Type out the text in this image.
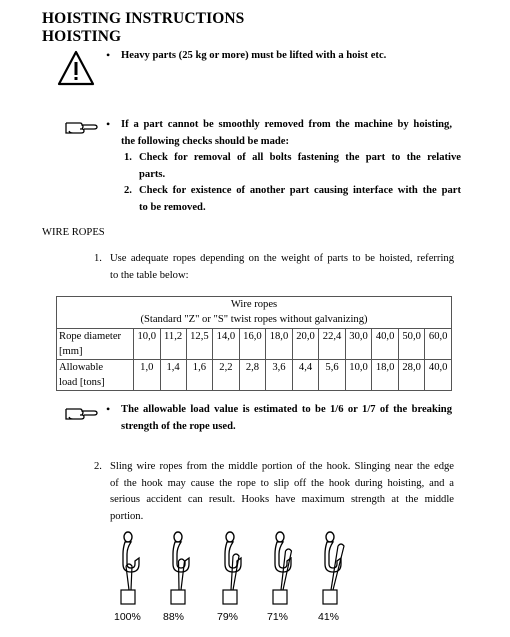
HOISTING INSTRUCTIONS
HOISTING
• Heavy parts (25 kg or more) must be lifted with a hoist etc.
• If a part cannot be smoothly removed from the machine by hoisting,
the following checks should be made:
1. Check for removal of all bolts fastening the part to the relative
parts.
2. Check for existence of another part causing interface with the part
to be removed.
WIRE ROPES
1. Use adequate ropes depending on the weight of parts to be hoisted, referring
to the table below:
Wire ropes
(Standard "Z" or "S" twist ropes without galvanizing)												

Rope diameter
[mm]	10,0	11,2	12,5	14,0	16,0	18,0	20,0	22,4	30,0	40,0	50,0	60,0

Allowable
load [tons]	1,0	1,4	1,6	2,2	2,8	3,6	4,4	5,6	10,0	18,0	28,0	40,0
• The allowable load value is estimated to be 1/6 or 1/7 of the breaking
strength of the rope used.
2. Sling wire ropes from the middle portion of the hook. Slinging near the edge
of the hook may cause the rope to slip off the hook during hoisting, and a
serious accident can result. Hooks have maximum strength at the middle
portion.
100% 88%	79%	71%	41%
